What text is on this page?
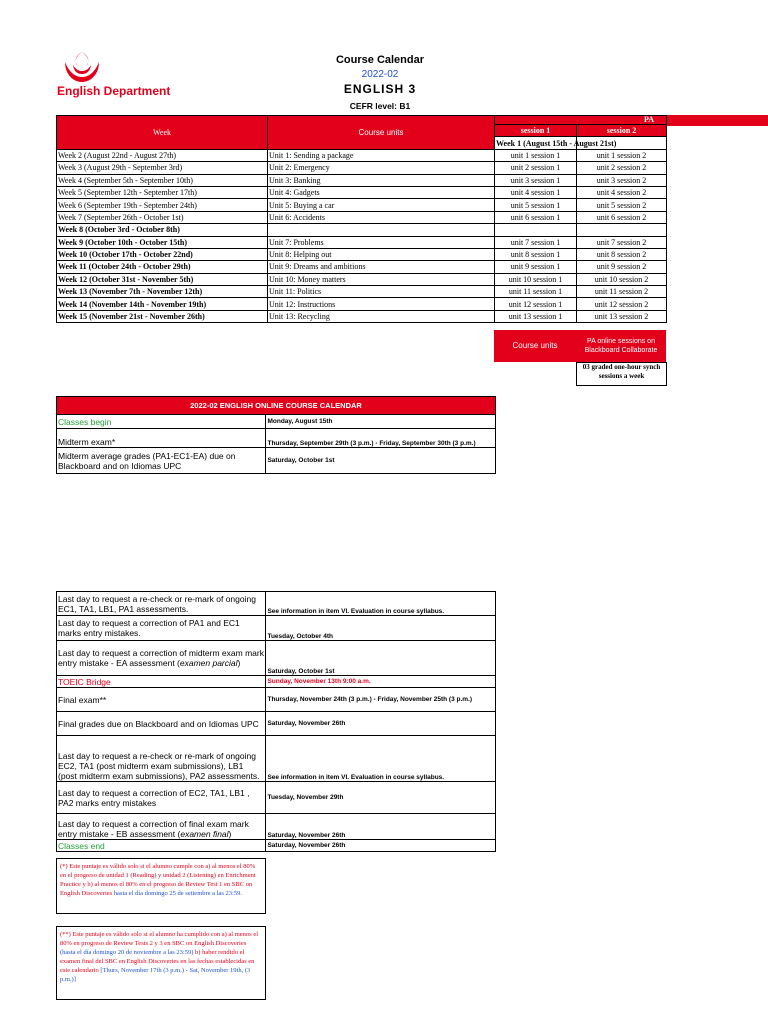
English Department
Course Calendar
2022-02
ENGLISH 3
CEFR level: B1
Week	Course units	PA		
		session 1	session 2	
		Week 1 (August 15th - August 21st)			
Week 2 (August 22nd - August 27th)	Unit 1: Sending a package	unit 1 session 1	unit 1 session 2	
Week 3 (August 29th - September 3rd)	Unit 2: Emergency	unit 2 session 1	unit 2 session 2	
Week 4 (September 5th - September 10th)	Unit 3: Banking	unit 3 session 1	unit 3 session 2	
Week 5 (September 12th - September 17th)	Unit 4: Gadgets	unit 4 session 1	unit 4 session 2	
Week 6 (September 19th - September 24th)	Unit 5: Buying a car	unit 5 session 1	unit 5 session 2	
Week 7 (September 26th - October 1st)	Unit 6: Accidents	unit 6 session 1	unit 6 session 2	
Week 8 (October 3rd - October 8th)				
Week 9 (October 10th - October 15th)	Unit 7: Problems	unit 7 session 1	unit 7 session 2	
Week 10 (October 17th - October 22nd)	Unit 8: Helping out	unit 8 session 1	unit 8 session 2	
Week 11 (October 24th - October 29th)	Unit 9: Dreams and ambitions	unit 9 session 1	unit 9 session 2	
Week 12 (October 31st - November 5th)	Unit 10: Money matters	unit 10 session 1	unit 10 session 2	
Week 13 (November 7th - November 12th)	Unit 11: Politics	unit 11 session 1	unit 11 session 2	
Week 14 (November 14th - November 19th)	Unit 12: Instructions	unit 12 session 1	unit 12 session 2	
Week 15 (November 21st - November 26th)	Unit 13: Recycling	unit 13 session 1	unit 13 session 2	
Course units	PA online sessions on Blackboard Collaborate
03 graded one-hour synch sessions a week
2022-02 ENGLISH ONLINE COURSE CALENDAR	
Classes begin	Monday, August 15th
Midterm exam*	Thursday, September 29th (3 p.m.) - Friday, September 30th (3 p.m.)
Midterm average grades (PA1-EC1-EA) due on Blackboard and on Idiomas UPC	Saturday, October 1st
Last day to request a re-check or re-mark of ongoing EC1, TA1, LB1, PA1 assessments.	See information in item VI. Evaluation in course syllabus.
Last day to request a correction of PA1 and EC1 marks entry mistakes.	Tuesday, October 4th
Last day to request a correction of midterm exam mark entry mistake - EA assessment (examen parcial)	Saturday, October 1st
TOEIC Bridge	Sunday, November 13th 9:00 a.m.
Final exam**	Thursday, November 24th (3 p.m.) - Friday, November 25th (3 p.m.)
Final grades due on Blackboard and on Idiomas UPC	Saturday, November 26th
Last day to request a re-check or re-mark of ongoing EC2, TA1 (post midterm exam submissions), LB1 (post midterm exam submissions), PA2 assessments.	See information in item VI. Evaluation in course syllabus.
Last day to request a correction of EC2, TA1, LB1 , PA2 marks entry mistakes	Tuesday, November 29th
Last day to request a correction of final exam mark entry mistake - EB assessment (examen final)	Saturday, November 26th
Classes end	Saturday, November 26th
(*) Este puntaje es válido solo si el alumno cumple con a) al menos el 80% en el progreso de unidad 1 (Reading) y unidad 2 (Listening) en Enrichment Practice y b) al menos el 80% en el progreso de Review Test 1 en SBC on English Discoveries hasta el día domingo 25 de setiembre a las 23:59.
(**) Este puntaje es válido solo si el alumno ha cumplido con a) al menos el 80% en progreso de Review Tests 2 y 3 en SBC on English Discoveries (hasta el día domingo 20 de noviembre a las 23:59) b) haber rendido el examen final del SBC en English Discoveries en las fechas establecidas en este calendario [Thurs, November 17th (3 p.m.) - Sat, November 19th, (3 p.m.)]
